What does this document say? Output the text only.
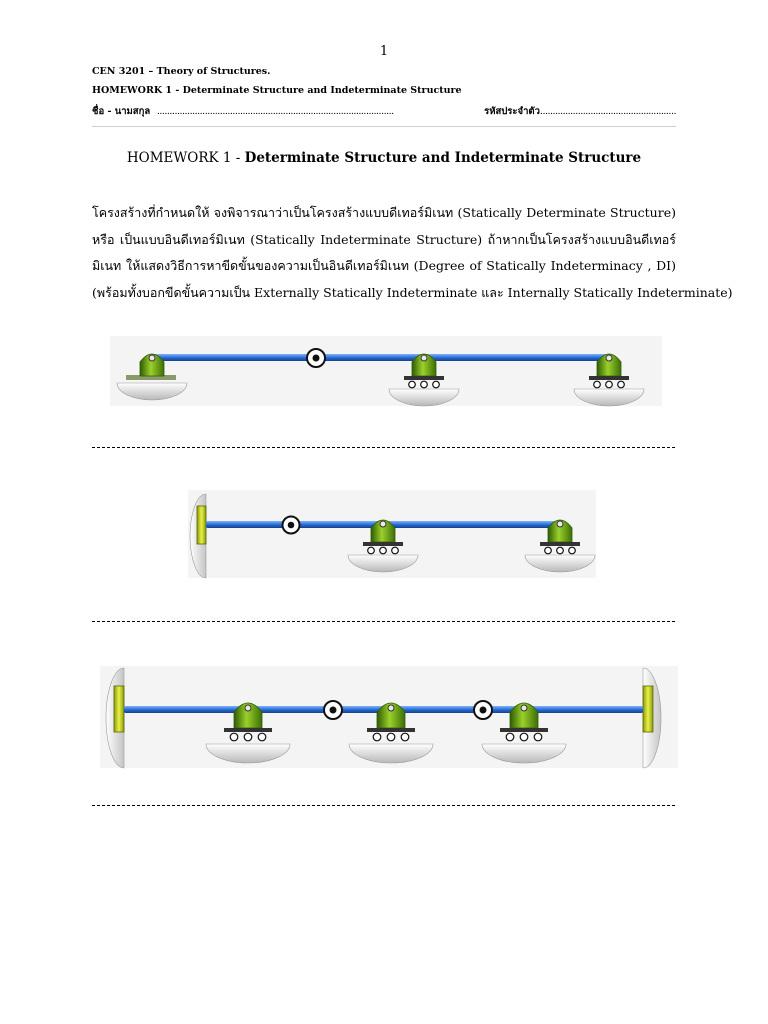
1
CEN 3201 – Theory of Structures.
HOMEWORK 1 - Determinate Structure and Indeterminate Structure
ชื่อ - นามสกุล ..............................................................................................	รหัสประจำตัว......................................................
HOMEWORK 1 - Determinate Structure and Indeterminate Structure
โครงสร้างที่กำหนดให้ จงพิจารณาว่าเป็นโครงสร้างแบบดีเทอร์มิเนท (Statically Determinate Structure)
หรือ เป็นแบบอินดีเทอร์มิเนท (Statically Indeterminate Structure) ถ้าหากเป็นโครงสร้างแบบอินดีเทอร์
มิเนท ให้แสดงวิธีการหาขีดขั้นของความเป็นอินดีเทอร์มิเนท (Degree of Statically Indeterminacy , DI)
(พร้อมทั้งบอกขีดขั้นความเป็น Externally Statically Indeterminate และ Internally Statically Indeterminate)
